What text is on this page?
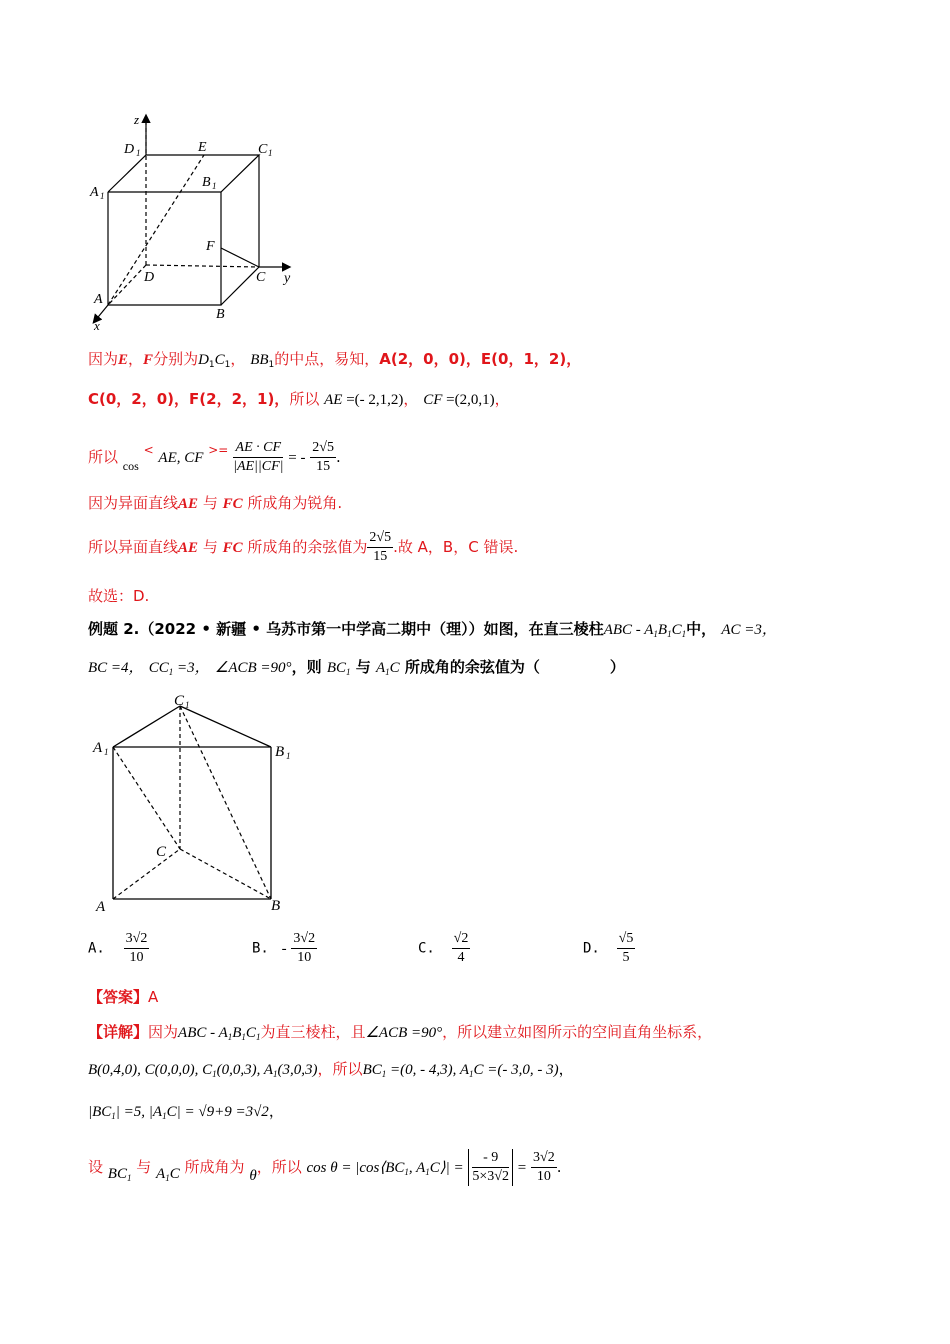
z
D 1	E	C 1
A 1
B 1
F
D	C y
A
B
x
因为E，F分别为$D_1C_1$， $BB_1$的中点，易知，A(2，0，0)，E(0，1，2)，
C(0，2，0)，F(2，2，1)，所以 AE =(- 2,1,2)， CF =(2,0,1)，
所以 $_{cos}$ < AE, CF $^{>=} \frac{AE \cdot CF}{|AE||CF|}$ = - $\frac{2√5}{15}$ .
因为异面直线AE 与 FC 所成角为锐角.
所以异面直线AE 与 FC 所成角的余弦值为 $\frac{2√5}{15}$ .故 A，B，C 错误.
故选：D.
例题 2.（2022 • 新疆 • 乌苏市第一中学高二期中（理））如图，在直三棱柱ABC - $A_1B_1C_1$中， AC =3，
BC =4， $CC_1 =3$， ∠ACB =90°，则 $BC_1$ 与 $A_1C$ 所成角的余弦值为（	）
C 1
A 1	B 1
C
A	B
A. $\frac{3√2}{10}$	B. - $\frac{3√2}{10}$	C. $\frac{√2}{4}$	D. $\frac{√5}{5}$
【答案】A
【详解】因为ABC - $A_1B_1C_1$为直三棱柱，且∠ACB =90°，所以建立如图所示的空间直角坐标系，
B(0,4,0), C(0,0,0), $C_1(0,0,3)$, $A_1(3,0,3)$，所以$BC_1 =(0$, - 4,3), $A_1C$ =(- 3,0, - 3)，
$|BC_1| =5$, $|A_1C| = √9+9 =3√2$，
设 $BC_1$ 与 $A_1C$ 所成角为 θ，所以 $\cos \theta = |\cos⟨BC_1$, $A_1C⟩| = \frac{- 9}{5\times 3√2} = \frac{3√2}{10}$ .
